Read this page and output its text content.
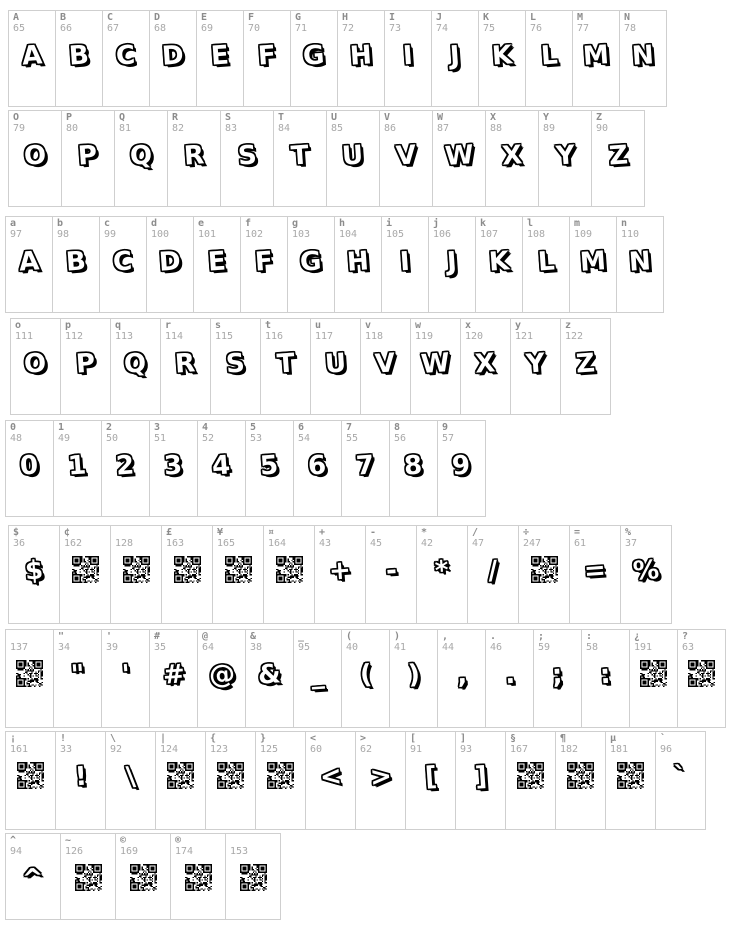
A
65
A
B
66
B
C
67
C
D
68
D
E
69
E
F
70
F
G
71
G
H
72
H
I
73
I
J
74
J
K
75
K
L
76
L
M
77
M
N
78
N
O
79
O
P
80
P
Q
81
Q
R
82
R
S
83
S
T
84
T
U
85
U
V
86
V
W
87
W
X
88
X
Y
89
Y
Z
90
Z
a
97
A
b
98
B
c
99
C
d
100
D
e
101
E
f
102
F
g
103
G
h
104
H
i
105
I
j
106
J
k
107
K
l
108
L
m
109
M
n
110
N
o
111
O
p
112
P
q
113
Q
r
114
R
s
115
S
t
116
T
u
117
U
v
118
V
w
119
W
x
120
X
y
121
Y
z
122
Z
0
48
0
1
49
1
2
50
2
3
51
3
4
52
4
5
53
5
6
54
6
7
55
7
8
56
8
9
57
9
$
36
$
¢
162	128
£
163
¥
165
¤
164
+
43
+
-
45
-
*
42
*
/
47
/
÷
247
=
61
=
%
37
%
137
"
34
"
'
39
'
#
35
#
@
64
@
&
38
&
_
95
_
(
40
(
)
41
)
,
44
,
.
46
.
;
59
;
:
58
:
¿
191
?
63
¡
161
!
33
!
\
92
\
|
124
{
123
}
125
<
60
<
>
62
>
[
91
[
]
93
]
§
167
¶
182
µ
181
`
96
`
^
94
^
~
126
©
169
®
174	153
